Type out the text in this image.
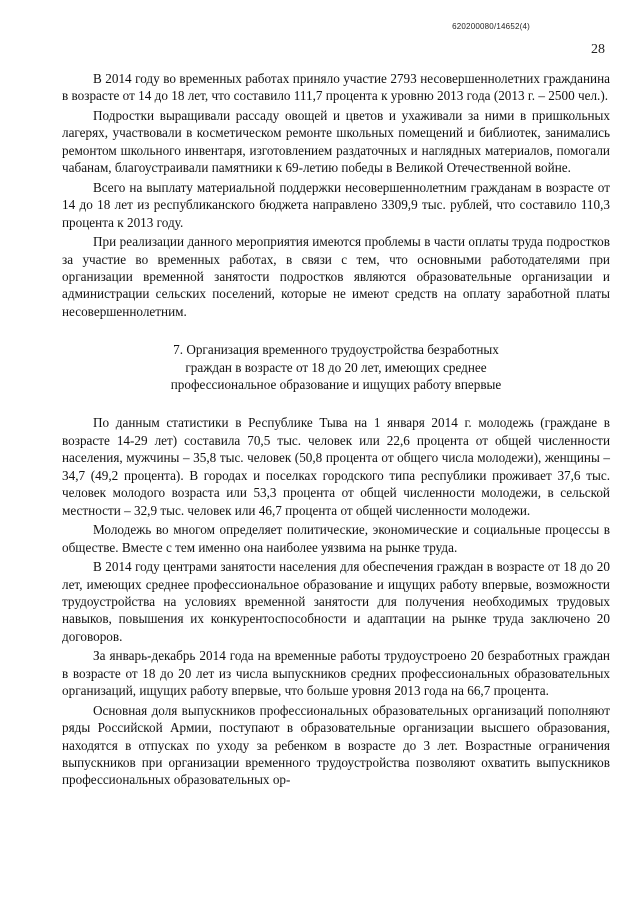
620200080/14652(4)
28

В 2014 году во временных работах приняло участие 2793 несовершеннолетних гражданина в возрасте от 14 до 18 лет, что составило 111,7 процента к уровню 2013 года (2013 г. – 2500 чел.).

Подростки выращивали рассаду овощей и цветов и ухаживали за ними в пришкольных лагерях, участвовали в косметическом ремонте школьных помещений и библиотек, занимались ремонтом школьного инвентаря, изготовлением раздаточных и наглядных материалов, помогали чабанам, благоустраивали памятники к 69-летию победы в Великой Отечественной войне.

Всего на выплату материальной поддержки несовершеннолетним гражданам в возрасте от 14 до 18 лет из республиканского бюджета направлено 3309,9 тыс. рублей, что составило 110,3 процента к 2013 году.

При реализации данного мероприятия имеются проблемы в части оплаты труда подростков за участие во временных работах, в связи с тем, что основными работодателями при организации временной занятости подростков являются образовательные организации и администрации сельских поселений, которые не имеют средств на оплату заработной платы несовершеннолетним.

7. Организация временного трудоустройства безработных
граждан в возрасте от 18 до 20 лет, имеющих среднее
профессиональное образование и ищущих работу впервые

По данным статистики в Республике Тыва на 1 января 2014 г. молодежь (граждане в возрасте 14-29 лет) составила 70,5 тыс. человек или 22,6 процента от общей численности населения, мужчины – 35,8 тыс. человек (50,8 процента от общего числа молодежи), женщины – 34,7 (49,2 процента). В городах и поселках городского типа республики проживает 37,6 тыс. человек молодого возраста или 53,3 процента от общей численности молодежи, в сельской местности – 32,9 тыс. человек или 46,7 процента от общей численности молодежи.

Молодежь во многом определяет политические, экономические и социальные процессы в обществе. Вместе с тем именно она наиболее уязвима на рынке труда.

В 2014 году центрами занятости населения для обеспечения граждан в возрасте от 18 до 20 лет, имеющих среднее профессиональное образование и ищущих работу впервые, возможности трудоустройства на условиях временной занятости для получения необходимых трудовых навыков, повышения их конкурентоспособности и адаптации на рынке труда заключено 20 договоров.

За январь-декабрь 2014 года на временные работы трудоустроено 20 безработных граждан в возрасте от 18 до 20 лет из числа выпускников средних профессиональных образовательных организаций, ищущих работу впервые, что больше уровня 2013 года на 66,7 процента.

Основная доля выпускников профессиональных образовательных организаций пополняют ряды Российской Армии, поступают в образовательные организации высшего образования, находятся в отпусках по уходу за ребенком в возрасте до 3 лет. Возрастные ограничения выпускников при организации временного трудоустройства позволяют охватить выпускников профессиональных образовательных ор-
